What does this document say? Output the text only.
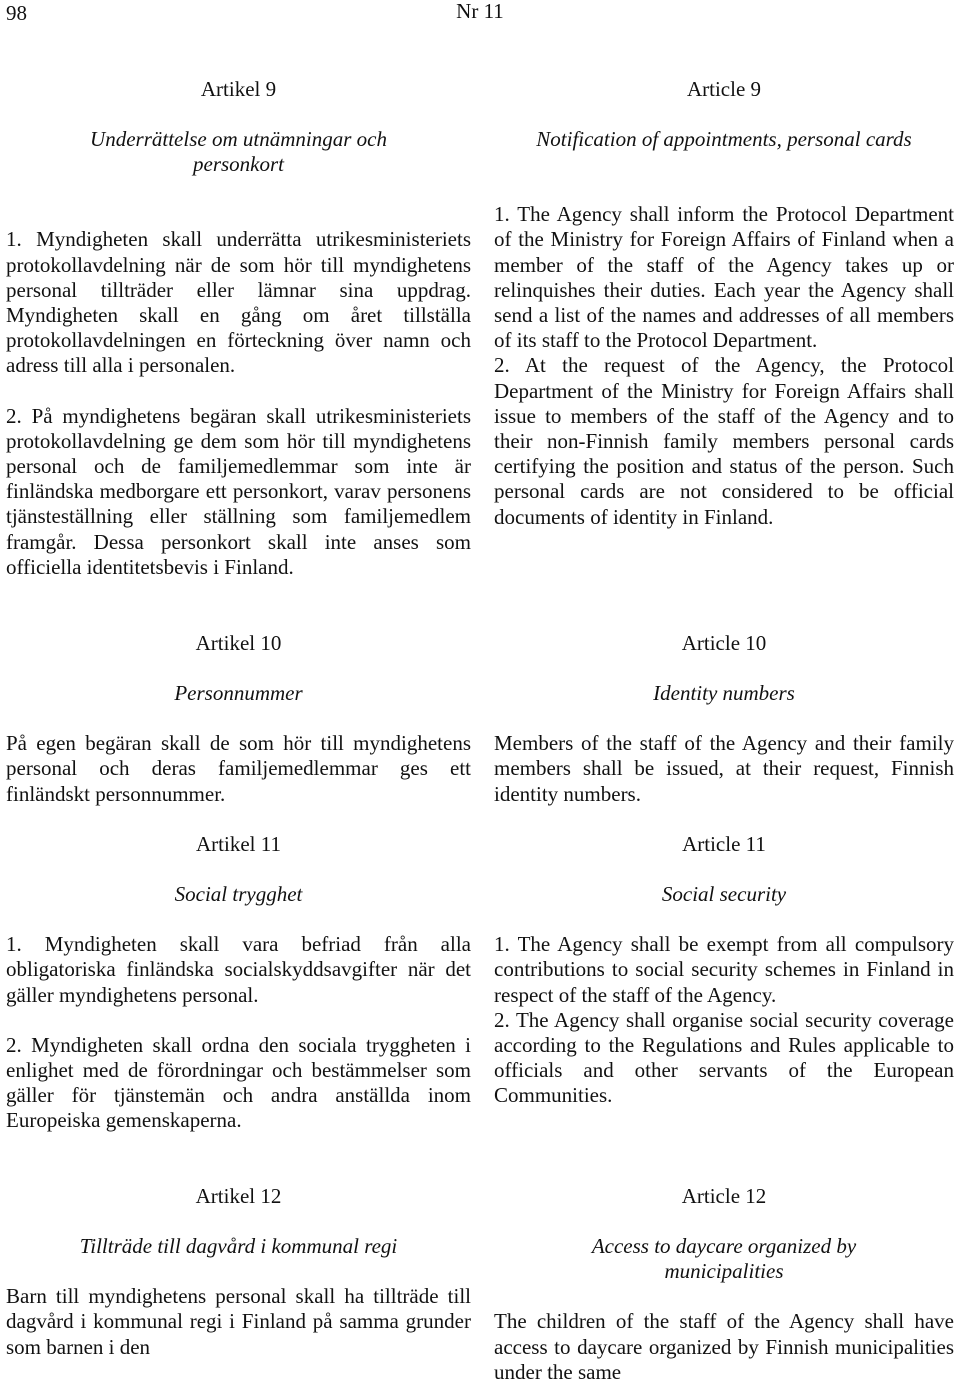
Nr 11
98

Artikel 9

Underrättelse om utnämningar och personkort

1. Myndigheten skall underrätta utrikesministeriets protokollavdelning när de som hör till myndighetens personal tillträder eller lämnar sina uppdrag. Myndigheten skall en gång om året tillställa protokollavdelningen en förteckning över namn och adress till alla i personalen.

2. På myndighetens begäran skall utrikesministeriets protokollavdelning ge dem som hör till myndighetens personal och de familjemedlemmar som inte är finländska medborgare ett personkort, varav personens tjänsteställning eller ställning som familjemedlem framgår. Dessa personkort skall inte anses som officiella identitetsbevis i Finland.

Artikel 10

Personnummer

På egen begäran skall de som hör till myndighetens personal och deras familjemedlemmar ges ett finländskt personnummer.

Artikel 11

Social trygghet

1. Myndigheten skall vara befriad från alla obligatoriska finländska socialskyddsavgifter när det gäller myndighetens personal.

2. Myndigheten skall ordna den sociala tryggheten i enlighet med de förordningar och bestämmelser som gäller för tjänstemän och andra anställda inom Europeiska gemenskaperna.

Artikel 12

Tillträde till dagvård i kommunal regi

Barn till myndighetens personal skall ha tillträde till dagvård i kommunal regi i Finland på samma grunder som barnen i den

Article 9

Notification of appointments, personal cards

1. The Agency shall inform the Protocol Department of the Ministry for Foreign Affairs of Finland when a member of the staff of the Agency takes up or relinquishes their duties. Each year the Agency shall send a list of the names and addresses of all members of its staff to the Protocol Department.

2. At the request of the Agency, the Protocol Department of the Ministry for Foreign Affairs shall issue to members of the staff of the Agency and to their non-Finnish family members personal cards certifying the position and status of the person. Such personal cards are not considered to be official documents of identity in Finland.

Article 10

Identity numbers

Members of the staff of the Agency and their family members shall be issued, at their request, Finnish identity numbers.

Article 11

Social security

1. The Agency shall be exempt from all compulsory contributions to social security schemes in Finland in respect of the staff of the Agency.

2. The Agency shall organise social security coverage according to the Regulations and Rules applicable to officials and other servants of the European Communities.

Article 12

Access to daycare organized by municipalities

The children of the staff of the Agency shall have access to daycare organized by Finnish municipalities under the same
